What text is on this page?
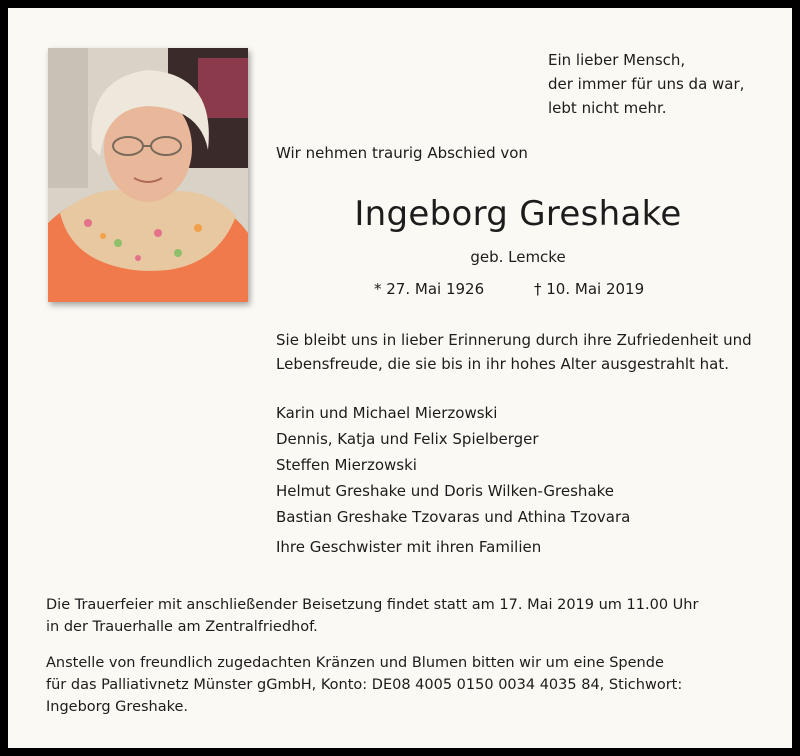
Ein lieber Mensch,
der immer für uns da war,
lebt nicht mehr.
Wir nehmen traurig Abschied von
Ingeborg Greshake
geb. Lemcke
* 27. Mai 1926	† 10. Mai 2019
Sie bleibt uns in lieber Erinnerung durch ihre Zufriedenheit und
Lebensfreude, die sie bis in ihr hohes Alter ausgestrahlt hat.
Karin und Michael Mierzowski
Dennis, Katja und Felix Spielberger
Steffen Mierzowski
Helmut Greshake und Doris Wilken-Greshake
Bastian Greshake Tzovaras und Athina Tzovara
Ihre Geschwister mit ihren Familien
Die Trauerfeier mit anschließender Beisetzung findet statt am 17. Mai 2019 um 11.00 Uhr
in der Trauerhalle am Zentralfriedhof.
Anstelle von freundlich zugedachten Kränzen und Blumen bitten wir um eine Spende
für das Palliativnetz Münster gGmbH, Konto: DE08 4005 0150 0034 4035 84, Stichwort:
Ingeborg Greshake.
